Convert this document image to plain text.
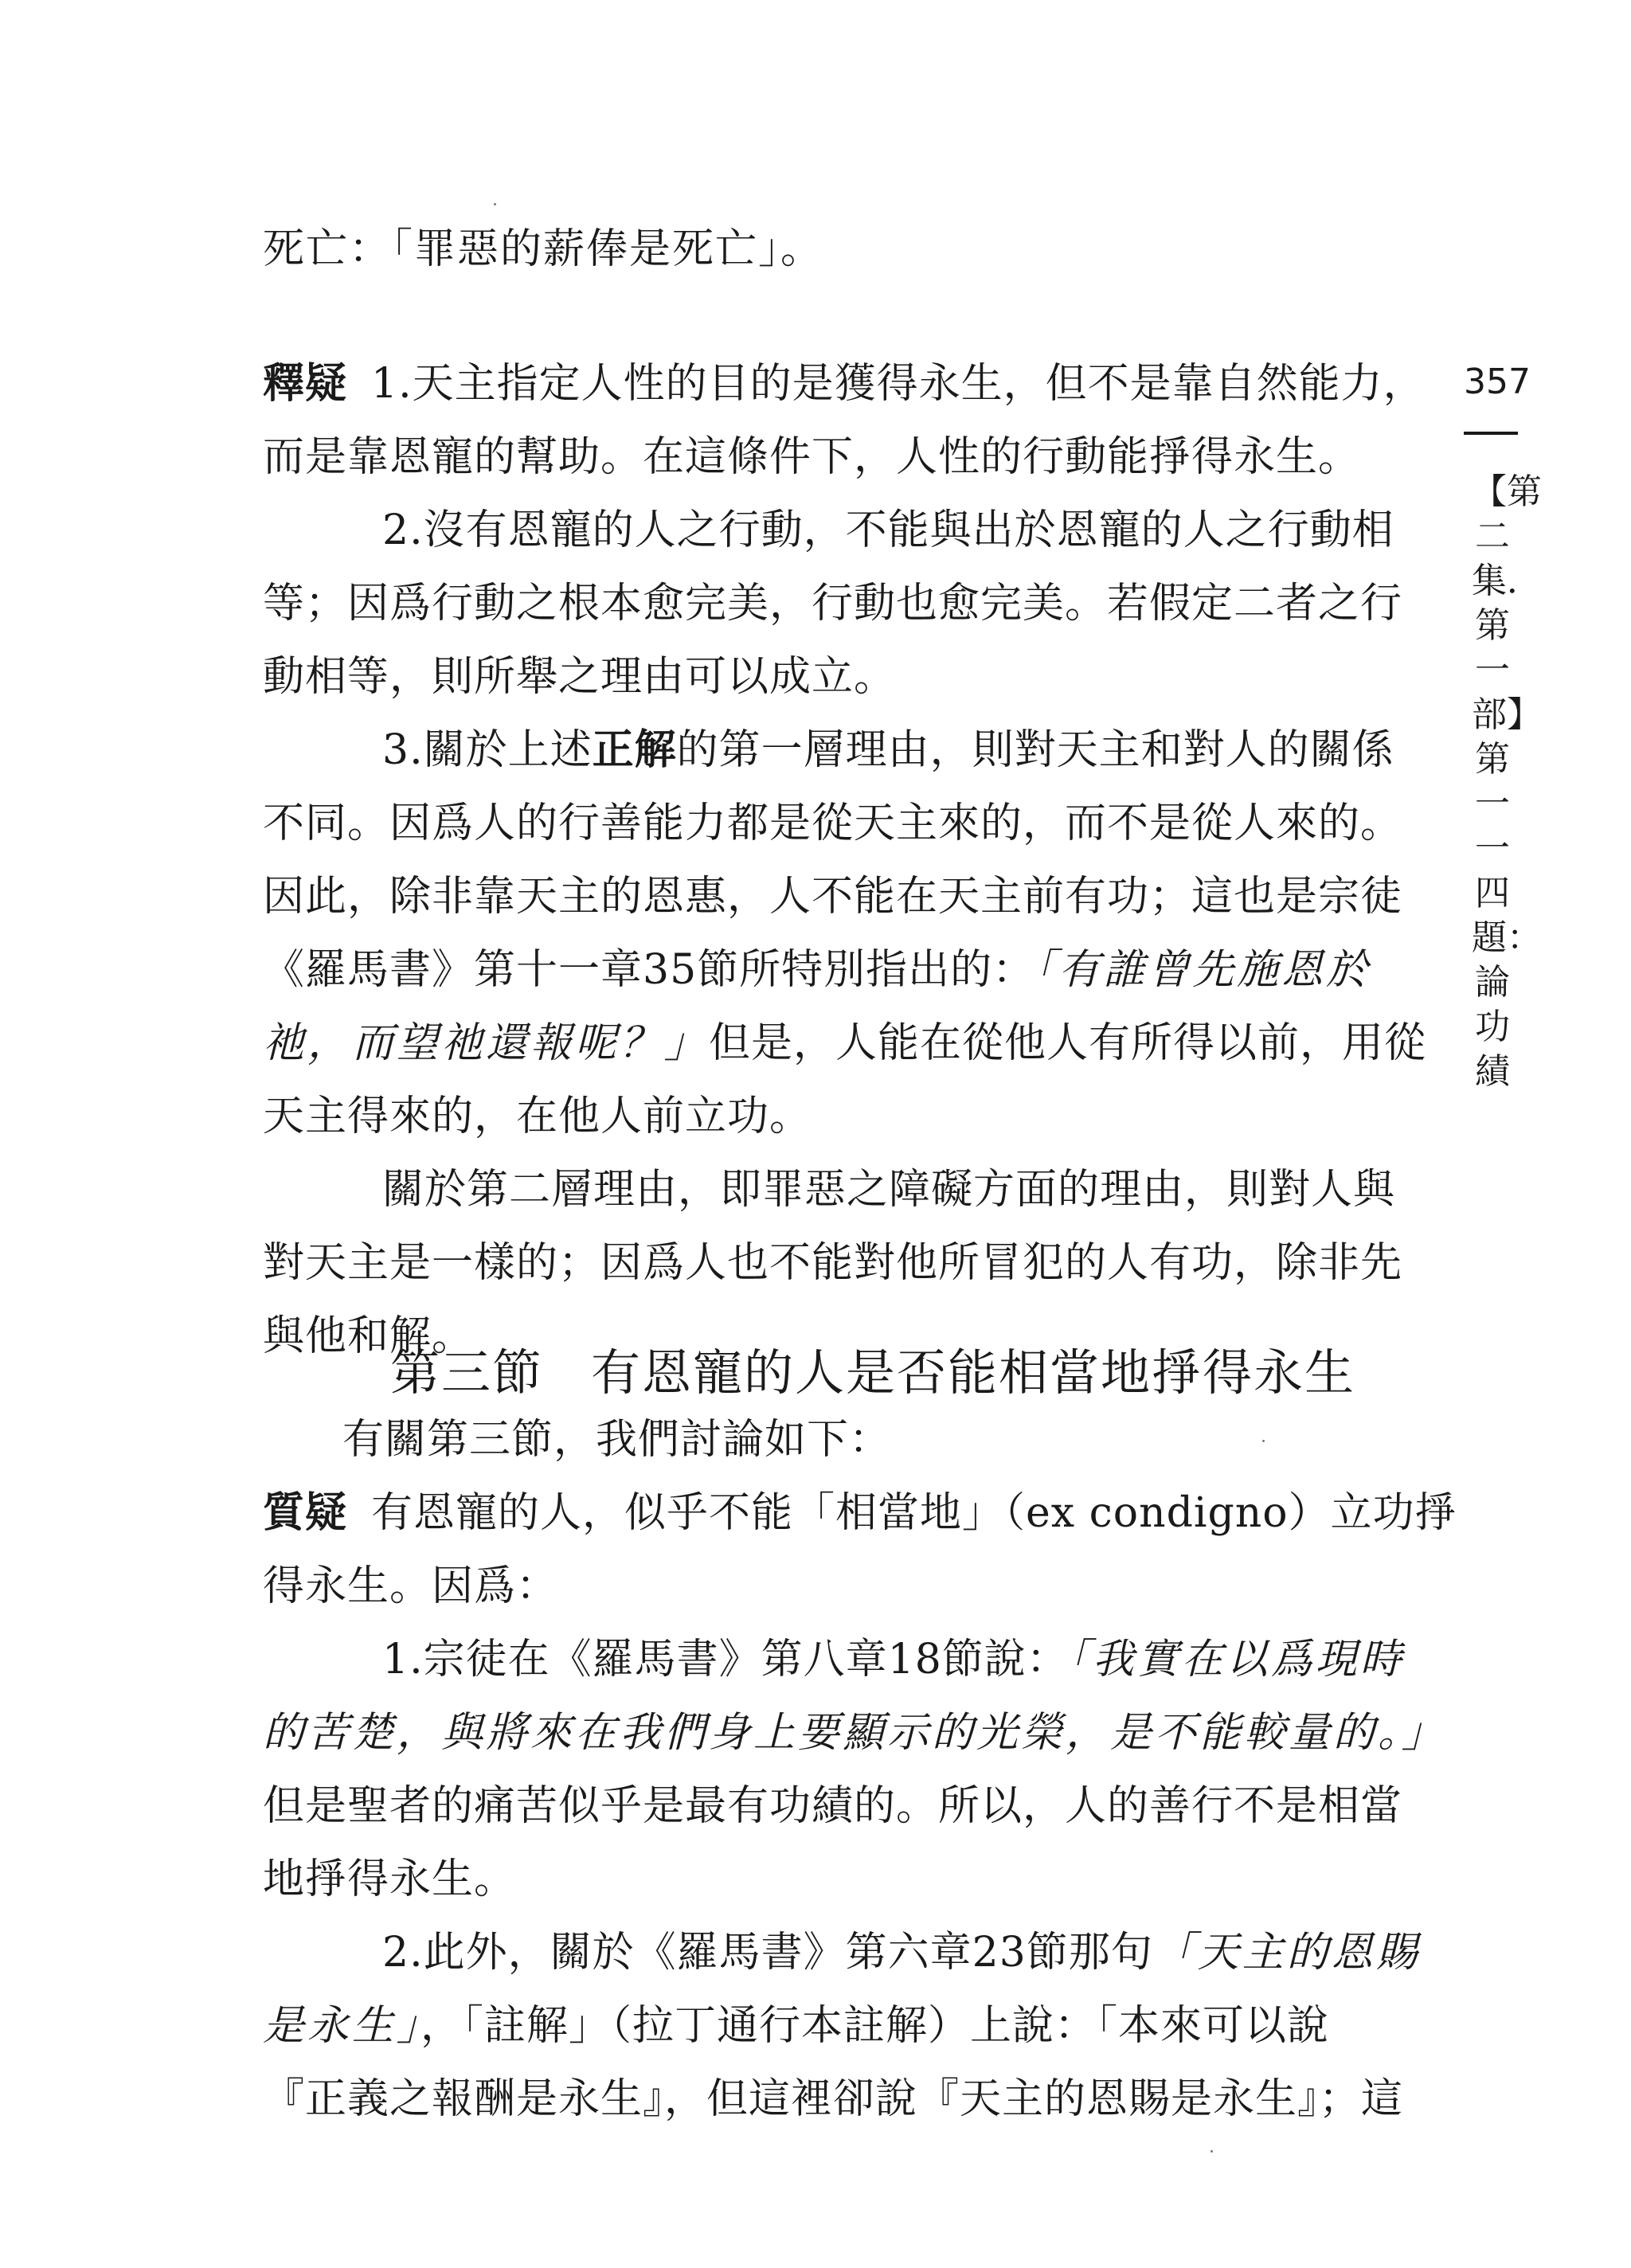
死亡：「罪惡的薪俸是死亡」。
釋疑 1.天主指定人性的目的是獲得永生，但不是靠自然能力，
而是靠恩寵的幫助。在這條件下，人性的行動能掙得永生。
2.沒有恩寵的人之行動，不能與出於恩寵的人之行動相
等；因爲行動之根本愈完美，行動也愈完美。若假定二者之行
動相等，則所舉之理由可以成立。
3.關於上述正解的第一層理由，則對天主和對人的關係
不同。因爲人的行善能力都是從天主來的，而不是從人來的。
因此，除非靠天主的恩惠，人不能在天主前有功；這也是宗徒
《羅馬書》第十一章35節所特別指出的：「有誰曾先施恩於
祂，而望祂還報呢？」但是，人能在從他人有所得以前，用從
天主得來的，在他人前立功。
關於第二層理由，即罪惡之障礙方面的理由，則對人與
對天主是一樣的；因爲人也不能對他所冒犯的人有功，除非先
與他和解。
第三節 有恩寵的人是否能相當地掙得永生
有關第三節，我們討論如下：
質疑 有恩寵的人，似乎不能「相當地」（ex condigno）立功掙
得永生。因爲：
1.宗徒在《羅馬書》第八章18節說：「我實在以爲現時
的苦楚，與將來在我們身上要顯示的光榮，是不能較量的。」
但是聖者的痛苦似乎是最有功績的。所以，人的善行不是相當
地掙得永生。
2.此外，關於《羅馬書》第六章23節那句「天主的恩賜
是永生」，「註解」（拉丁通行本註解）上說：「本來可以說
『正義之報酬是永生』，但這裡卻說『天主的恩賜是永生』；這
357
【第二集．第一部】第一一四題：論功績
